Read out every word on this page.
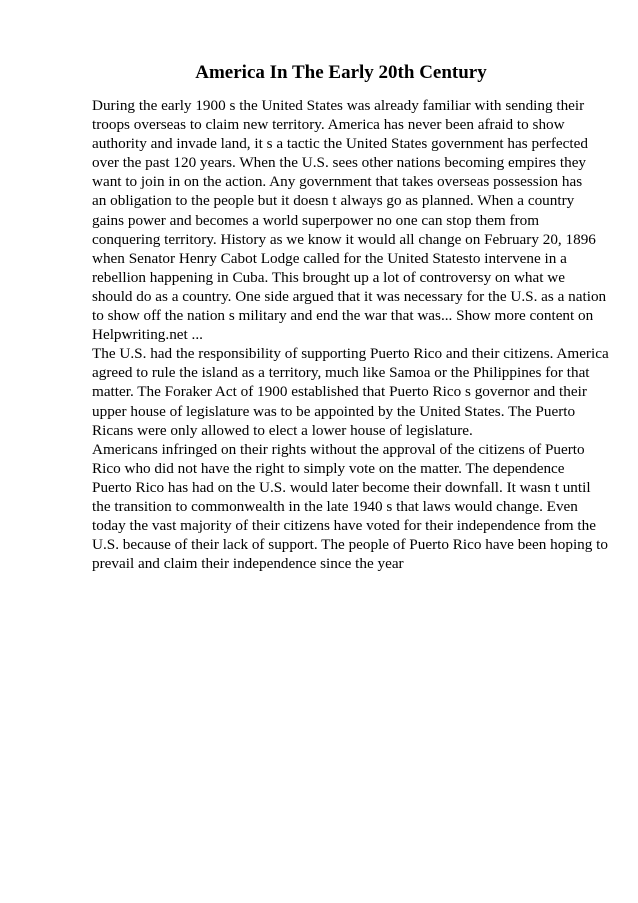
America In The Early 20th Century
During the early 1900 s the United States was already familiar with sending their
troops overseas to claim new territory. America has never been afraid to show
authority and invade land, it s a tactic the United States government has perfected
over the past 120 years. When the U.S. sees other nations becoming empires they
want to join in on the action. Any government that takes overseas possession has
an obligation to the people but it doesn t always go as planned. When a country
gains power and becomes a world superpower no one can stop them from
conquering territory. History as we know it would all change on February 20, 1896
when Senator Henry Cabot Lodge called for the United Statesto intervene in a
rebellion happening in Cuba. This brought up a lot of controversy on what we
should do as a country. One side argued that it was necessary for the U.S. as a nation
to show off the nation s military and end the war that was... Show more content on
Helpwriting.net ...
The U.S. had the responsibility of supporting Puerto Rico and their citizens. America
agreed to rule the island as a territory, much like Samoa or the Philippines for that
matter. The Foraker Act of 1900 established that Puerto Rico s governor and their
upper house of legislature was to be appointed by the United States. The Puerto
Ricans were only allowed to elect a lower house of legislature.
Americans infringed on their rights without the approval of the citizens of Puerto
Rico who did not have the right to simply vote on the matter. The dependence
Puerto Rico has had on the U.S. would later become their downfall. It wasn t until
the transition to commonwealth in the late 1940 s that laws would change. Even
today the vast majority of their citizens have voted for their independence from the
U.S. because of their lack of support. The people of Puerto Rico have been hoping to
prevail and claim their independence since the year
